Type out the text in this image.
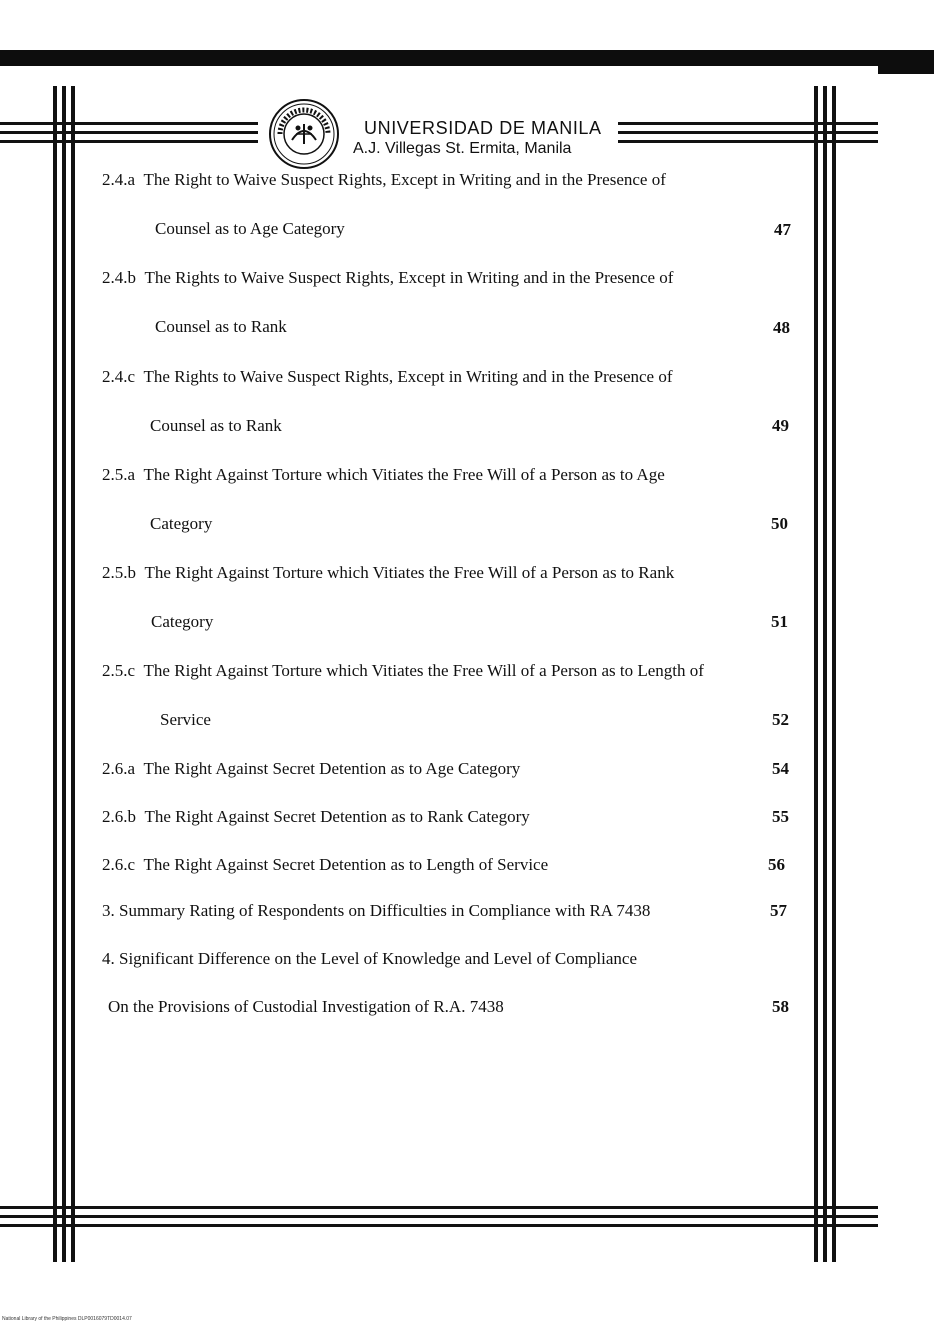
UNIVERSIDAD DE MANILA
A.J. Villegas St. Ermita, Manila
2.4.a The Right to Waive Suspect Rights, Except in Writing and in the Presence of
Counsel as to Age Category	47
2.4.b The Rights to Waive Suspect Rights, Except in Writing and in the Presence of
Counsel as to Rank	48
2.4.c The Rights to Waive Suspect Rights, Except in Writing and in the Presence of
Counsel as to Rank	49
2.5.a The Right Against Torture which Vitiates the Free Will of a Person as to Age
Category	50
2.5.b The Right Against Torture which Vitiates the Free Will of a Person as to Rank
Category	51
2.5.c The Right Against Torture which Vitiates the Free Will of a Person as to Length of
Service	52
2.6.a The Right Against Secret Detention as to Age Category	54
2.6.b The Right Against Secret Detention as to Rank Category	55
2.6.c The Right Against Secret Detention as to Length of Service	56
3. Summary Rating of Respondents on Difficulties in Compliance with RA 7438	57
4. Significant Difference on the Level of Knowledge and Level of Compliance
On the Provisions of Custodial Investigation of R.A. 7438	58
National Library of the Philippines DLP0016079TD0014.07
